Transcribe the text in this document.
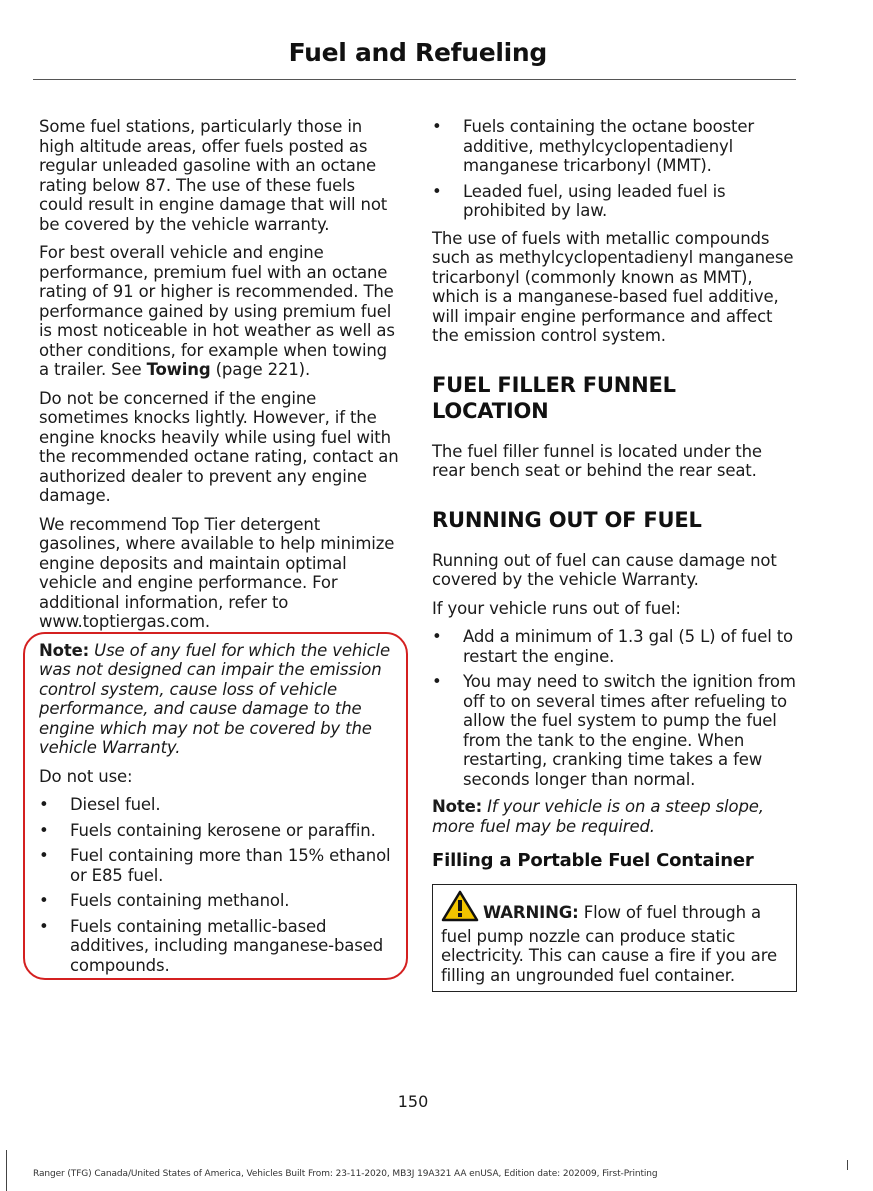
Fuel and Refueling

Some fuel stations, particularly those in high altitude areas, offer fuels posted as regular unleaded gasoline with an octane rating below 87. The use of these fuels could result in engine damage that will not be covered by the vehicle warranty.

For best overall vehicle and engine performance, premium fuel with an octane rating of 91 or higher is recommended. The performance gained by using premium fuel is most noticeable in hot weather as well as other conditions, for example when towing a trailer. See Towing (page 221).

Do not be concerned if the engine sometimes knocks lightly. However, if the engine knocks heavily while using fuel with the recommended octane rating, contact an authorized dealer to prevent any engine damage.

We recommend Top Tier detergent gasolines, where available to help minimize engine deposits and maintain optimal vehicle and engine performance. For additional information, refer to www.toptiergas.com.

Note: Use of any fuel for which the vehicle was not designed can impair the emission control system, cause loss of vehicle performance, and cause damage to the engine which may not be covered by the vehicle Warranty.

Do not use:

• Diesel fuel.
• Fuels containing kerosene or paraffin.
• Fuel containing more than 15% ethanol or E85 fuel.
• Fuels containing methanol.
• Fuels containing metallic-based additives, including manganese-based compounds.
• Fuels containing the octane booster additive, methylcyclopentadienyl manganese tricarbonyl (MMT).
• Leaded fuel, using leaded fuel is prohibited by law.

The use of fuels with metallic compounds such as methylcyclopentadienyl manganese tricarbonyl (commonly known as MMT), which is a manganese-based fuel additive, will impair engine performance and affect the emission control system.

FUEL FILLER FUNNEL LOCATION

The fuel filler funnel is located under the rear bench seat or behind the rear seat.

RUNNING OUT OF FUEL

Running out of fuel can cause damage not covered by the vehicle Warranty.

If your vehicle runs out of fuel:

• Add a minimum of 1.3 gal (5 L) of fuel to restart the engine.
• You may need to switch the ignition from off to on several times after refueling to allow the fuel system to pump the fuel from the tank to the engine. When restarting, cranking time takes a few seconds longer than normal.

Note: If your vehicle is on a steep slope, more fuel may be required.

Filling a Portable Fuel Container
WARNING: Flow of fuel through a fuel pump nozzle can produce static electricity. This can cause a fire if you are filling an ungrounded fuel container.
150
Ranger (TFG) Canada/United States of America, Vehicles Built From: 23-11-2020, MB3J 19A321 AA enUSA, Edition date: 202009, First-Printing
